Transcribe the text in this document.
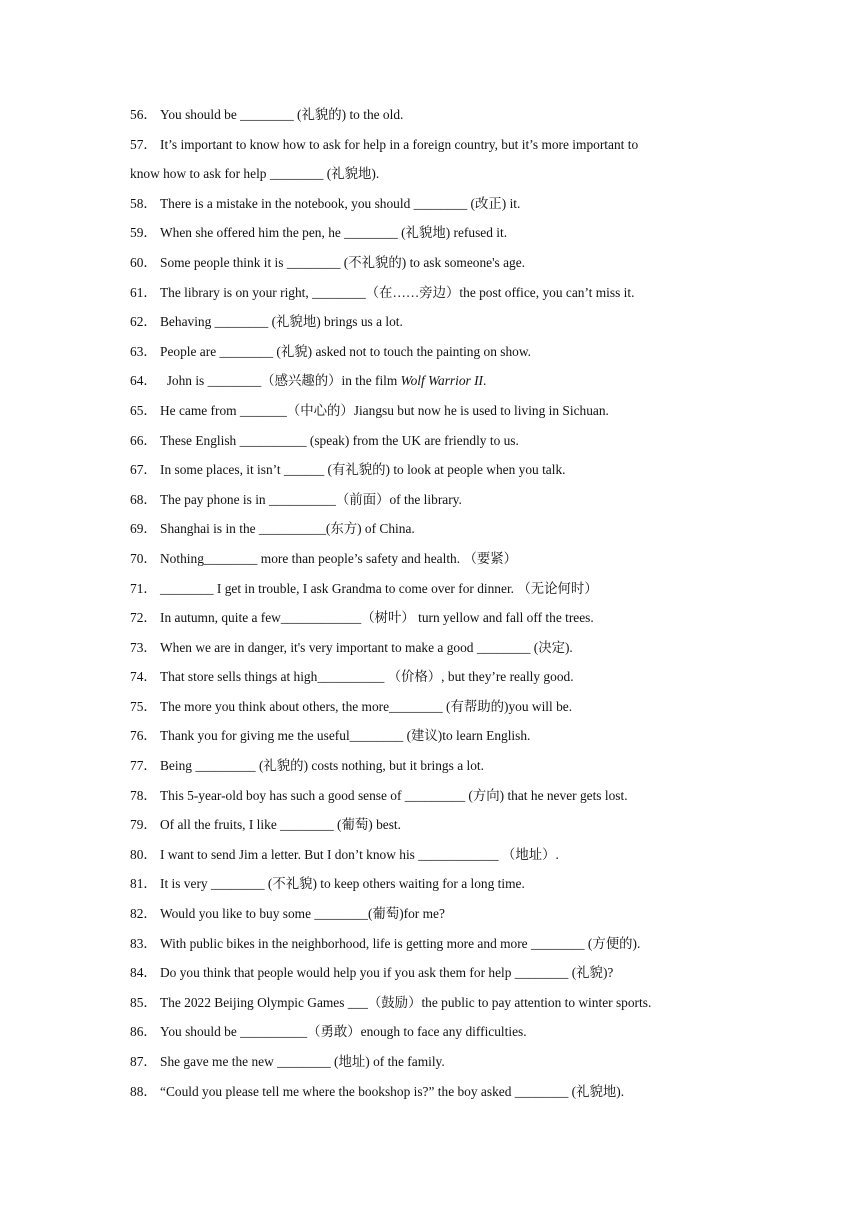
56． You should be ________ (礼貌的) to the old.
57． It’s important to know how to ask for help in a foreign country, but it’s more important to
know how to ask for help ________ (礼貌地).
58． There is a mistake in the notebook, you should ________ (改正) it.
59． When she offered him the pen, he ________ (礼貌地) refused it.
60． Some people think it is ________ (不礼貌的) to ask someone's age.
61． The library is on your right, ________（在……旁边）the post office, you can’t miss it.
62． Behaving ________ (礼貌地) brings us a lot.
63． People are ________ (礼貌) asked not to touch the painting on show.
64．  John is ________（感兴趣的）in the film Wolf Warrior II.
65． He came from _______（中心的）Jiangsu but now he is used to living in Sichuan.
66． These English __________ (speak) from the UK are friendly to us.
67． In some places, it isn’t ______ (有礼貌的) to look at people when you talk.
68． The pay phone is in __________（前面）of the library.
69． Shanghai is in the __________(东方) of China.
70． Nothing________ more than people’s safety and health. （要紧）
71． ________ I get in trouble, I ask Grandma to come over for dinner. （无论何时）
72． In autumn, quite a few____________（树叶） turn yellow and fall off the trees.
73． When we are in danger, it's very important to make a good ________ (决定).
74． That store sells things at high__________ （价格）, but they’re really good.
75． The more you think about others, the more________ (有帮助的)you will be.
76． Thank you for giving me the useful________ (建议)to learn English.
77． Being _________ (礼貌的) costs nothing, but it brings a lot.
78． This 5-year-old boy has such a good sense of _________ (方向) that he never gets lost.
79． Of all the fruits, I like ________ (葡萄) best.
80． I want to send Jim a letter. But I don’t know his ____________ （地址）.
81． It is very ________ (不礼貌) to keep others waiting for a long time.
82． Would you like to buy some ________(葡萄)for me?
83． With public bikes in the neighborhood, life is getting more and more ________ (方便的).
84． Do you think that people would help you if you ask them for help ________ (礼貌)?
85． The 2022 Beijing Olympic Games ___（鼓励）the public to pay attention to winter sports.
86． You should be __________（勇敢）enough to face any difficulties.
87． She gave me the new ________ (地址) of the family.
88． “Could you please tell me where the bookshop is?” the boy asked ________ (礼貌地).
